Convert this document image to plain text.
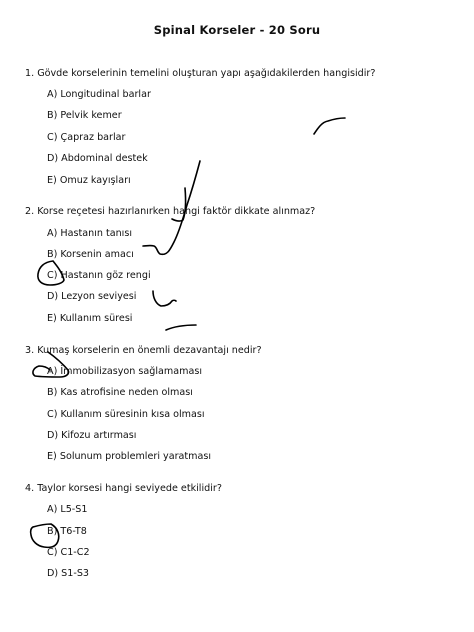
Spinal Korseler - 20 Soru
1. Gövde korselerinin temelini oluşturan yapı aşağıdakilerden hangisidir?
A) Longitudinal barlar
B) Pelvik kemer
C) Çapraz barlar
D) Abdominal destek
E) Omuz kayışları
2. Korse reçetesi hazırlanırken hangi faktör dikkate alınmaz?
A) Hastanın tanısı
B) Korsenin amacı
C) Hastanın göz rengi
D) Lezyon seviyesi
E) Kullanım süresi
3. Kumaş korselerin en önemli dezavantajı nedir?
A) İmmobilizasyon sağlamaması
B) Kas atrofisine neden olması
C) Kullanım süresinin kısa olması
D) Kifozu artırması
E) Solunum problemleri yaratması
4. Taylor korsesi hangi seviyede etkilidir?
A) L5-S1
B) T6-T8
C) C1-C2
D) S1-S3
